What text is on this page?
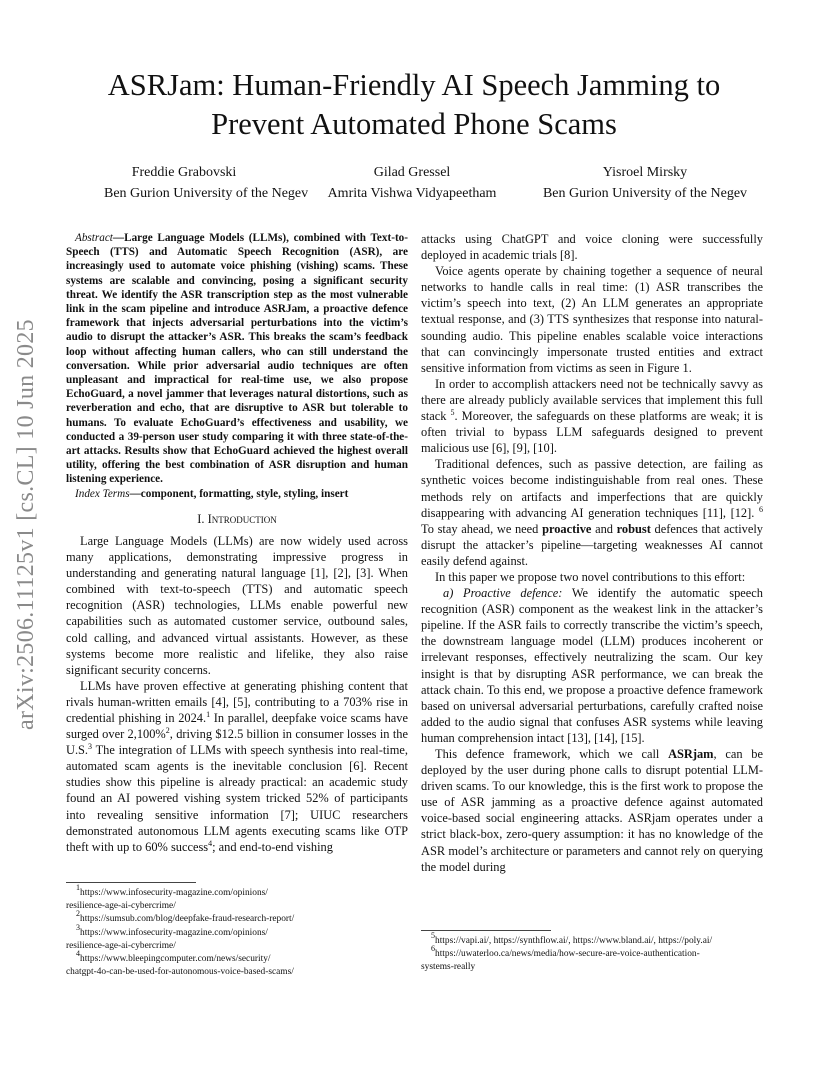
arXiv:2506.11125v1 [cs.CL] 10 Jun 2025
ASRJam: Human-Friendly AI Speech Jamming to Prevent Automated Phone Scams
Freddie Grabovski
Ben Gurion University of the Negev
Gilad Gressel
Amrita Vishwa Vidyapeetham
Yisroel Mirsky
Ben Gurion University of the Negev
Abstract—Large Language Models (LLMs), combined with Text-to-Speech (TTS) and Automatic Speech Recognition (ASR), are increasingly used to automate voice phishing (vishing) scams. These systems are scalable and convincing, posing a significant security threat. We identify the ASR transcription step as the most vulnerable link in the scam pipeline and introduce ASRJam, a proactive defence framework that injects adversarial perturbations into the victim’s audio to disrupt the attacker’s ASR. This breaks the scam’s feedback loop without affecting human callers, who can still understand the conversation. While prior adversarial audio techniques are often unpleasant and impractical for real-time use, we also propose EchoGuard, a novel jammer that leverages natural distortions, such as reverberation and echo, that are disruptive to ASR but tolerable to humans. To evaluate EchoGuard’s effectiveness and usability, we conducted a 39-person user study comparing it with three state-of-the-art attacks. Results show that EchoGuard achieved the highest overall utility, offering the best combination of ASR disruption and human listening experience.
Index Terms—component, formatting, style, styling, insert
I. Introduction

Large Language Models (LLMs) are now widely used across many applications, demonstrating impressive progress in understanding and generating natural language [1], [2], [3]. When combined with text-to-speech (TTS) and automatic speech recognition (ASR) technologies, LLMs enable powerful new capabilities such as automated customer service, outbound sales, cold calling, and advanced virtual assistants. However, as these systems become more realistic and lifelike, they also raise significant security concerns.

LLMs have proven effective at generating phishing content that rivals human-written emails [4], [5], contributing to a 703% rise in credential phishing in 2024.$^1$ In parallel, deepfake voice scams have surged over 2,100%$^2$, driving $12.5 billion in consumer losses in the U.S.$^3$ The integration of LLMs with speech synthesis into real-time, automated scam agents is the inevitable conclusion [6]. Recent studies show this pipeline is already practical: an academic study found an AI powered vishing system tricked 52% of participants into revealing sensitive information [7]; UIUC researchers demonstrated autonomous LLM agents executing scams like OTP theft with up to 60% success$^4$; and end-to-end vishing

$^1$https://www.infosecurity-magazine.com/opinions/
resilience-age-ai-cybercrime/
$^2$https://sumsub.com/blog/deepfake-fraud-research-report/
$^3$https://www.infosecurity-magazine.com/opinions/
resilience-age-ai-cybercrime/
$^4$https://www.bleepingcomputer.com/news/security/
chatgpt-4o-can-be-used-for-autonomous-voice-based-scams/

attacks using ChatGPT and voice cloning were successfully deployed in academic trials [8].

Voice agents operate by chaining together a sequence of neural networks to handle calls in real time: (1) ASR transcribes the victim’s speech into text, (2) An LLM generates an appropriate textual response, and (3) TTS synthesizes that response into natural-sounding audio. This pipeline enables scalable voice interactions that can convincingly impersonate trusted entities and extract sensitive information from victims as seen in Figure 1.

In order to accomplish attackers need not be technically savvy as there are already publicly available services that implement this full stack $^5$. Moreover, the safeguards on these platforms are weak; it is often trivial to bypass LLM safeguards designed to prevent malicious use [6], [9], [10].

Traditional defences, such as passive detection, are failing as synthetic voices become indistinguishable from real ones. These methods rely on artifacts and imperfections that are quickly disappearing with advancing AI generation techniques [11], [12]. $^6$ To stay ahead, we need proactive and robust defences that actively disrupt the attacker’s pipeline—targeting weaknesses AI cannot easily defend against.

In this paper we propose two novel contributions to this effort:

a) Proactive defence: We identify the automatic speech recognition (ASR) component as the weakest link in the attacker’s pipeline. If the ASR fails to correctly transcribe the victim’s speech, the downstream language model (LLM) produces incoherent or irrelevant responses, effectively neutralizing the scam. Our key insight is that by disrupting ASR performance, we can break the attack chain. To this end, we propose a proactive defence framework based on universal adversarial perturbations, carefully crafted noise added to the audio signal that confuses ASR systems while leaving human comprehension intact [13], [14], [15].

This defence framework, which we call ASRjam, can be deployed by the user during phone calls to disrupt potential LLM-driven scams. To our knowledge, this is the first work to propose the use of ASR jamming as a proactive defence against automated voice-based social engineering attacks. ASRjam operates under a strict black-box, zero-query assumption: it has no knowledge of the ASR model’s architecture or parameters and cannot rely on querying the model during

$^5$https://vapi.ai/, https://synthflow.ai/, https://www.bland.ai/, https://poly.ai/
$^6$https://uwaterloo.ca/news/media/how-secure-are-voice-authentication-
systems-really
